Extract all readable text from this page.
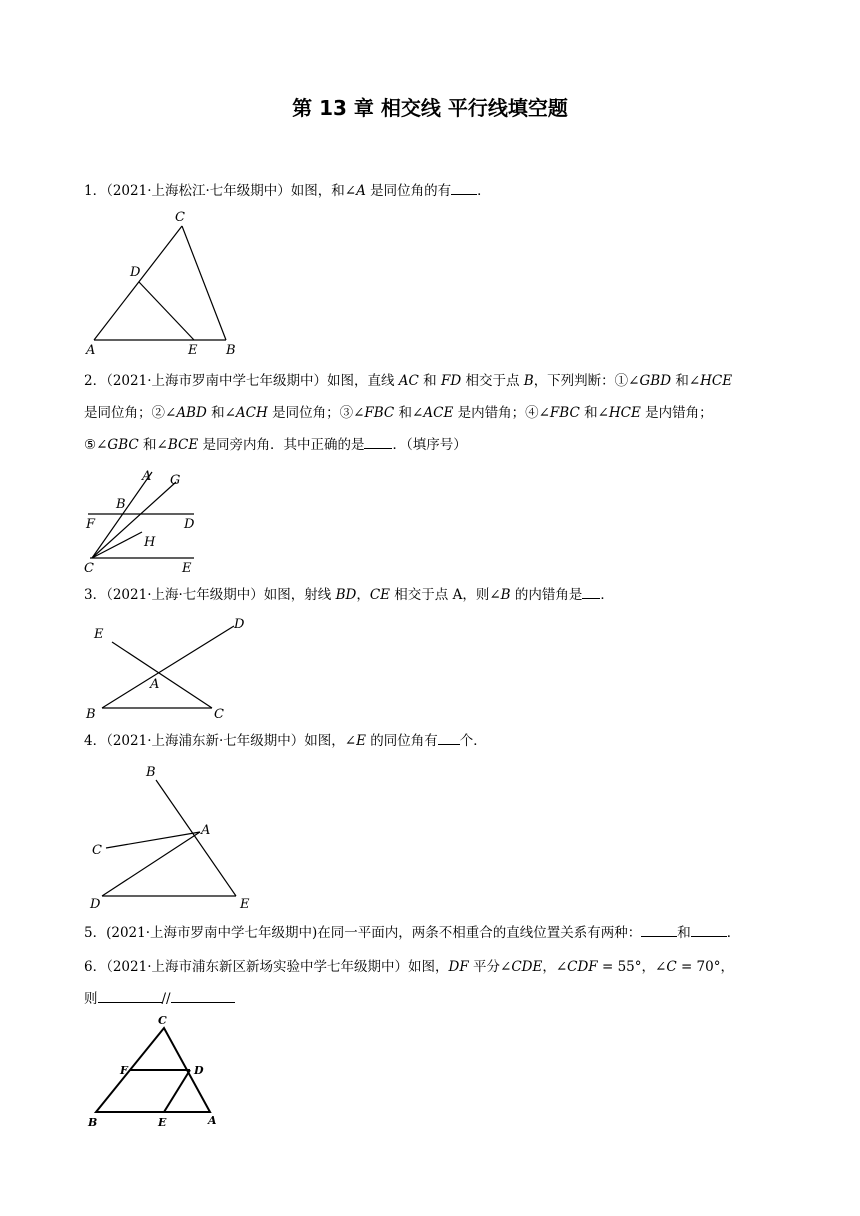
第 13 章 相交线 平行线填空题
1．（2021·上海松江·七年级期中）如图，和∠A 是同位角的有 ．
C
D
A	E B
2．（2021·上海市罗南中学七年级期中）如图，直线 AC 和 FD 相交于点 B，下列判断：①∠GBD 和∠HCE
是同位角；②∠ABD 和∠ACH 是同位角；③∠FBC 和∠ACE 是内错角；④∠FBC 和∠HCE 是内错角；
⑤∠GBC 和∠BCE 是同旁内角．其中正确的是 ．（填序号）
A G
B
F	D
H
C	E
3．（2021·上海·七年级期中）如图，射线 BD，CE 相交于点 A，则∠B 的内错角是 ．
E
D
A
B	C
4．（2021·上海浦东新·七年级期中）如图，∠E 的同位角有 个．
B
A
C
D	E
5．(2021·上海市罗南中学七年级期中)在同一平面内，两条不相重合的直线位置关系有两种：	和	．
6．（2021·上海市浦东新区新场实验中学七年级期中）如图，DF 平分∠CDE，∠CDF = 55°，∠C = 70°，
则	//
C
F	D
B	E	A
